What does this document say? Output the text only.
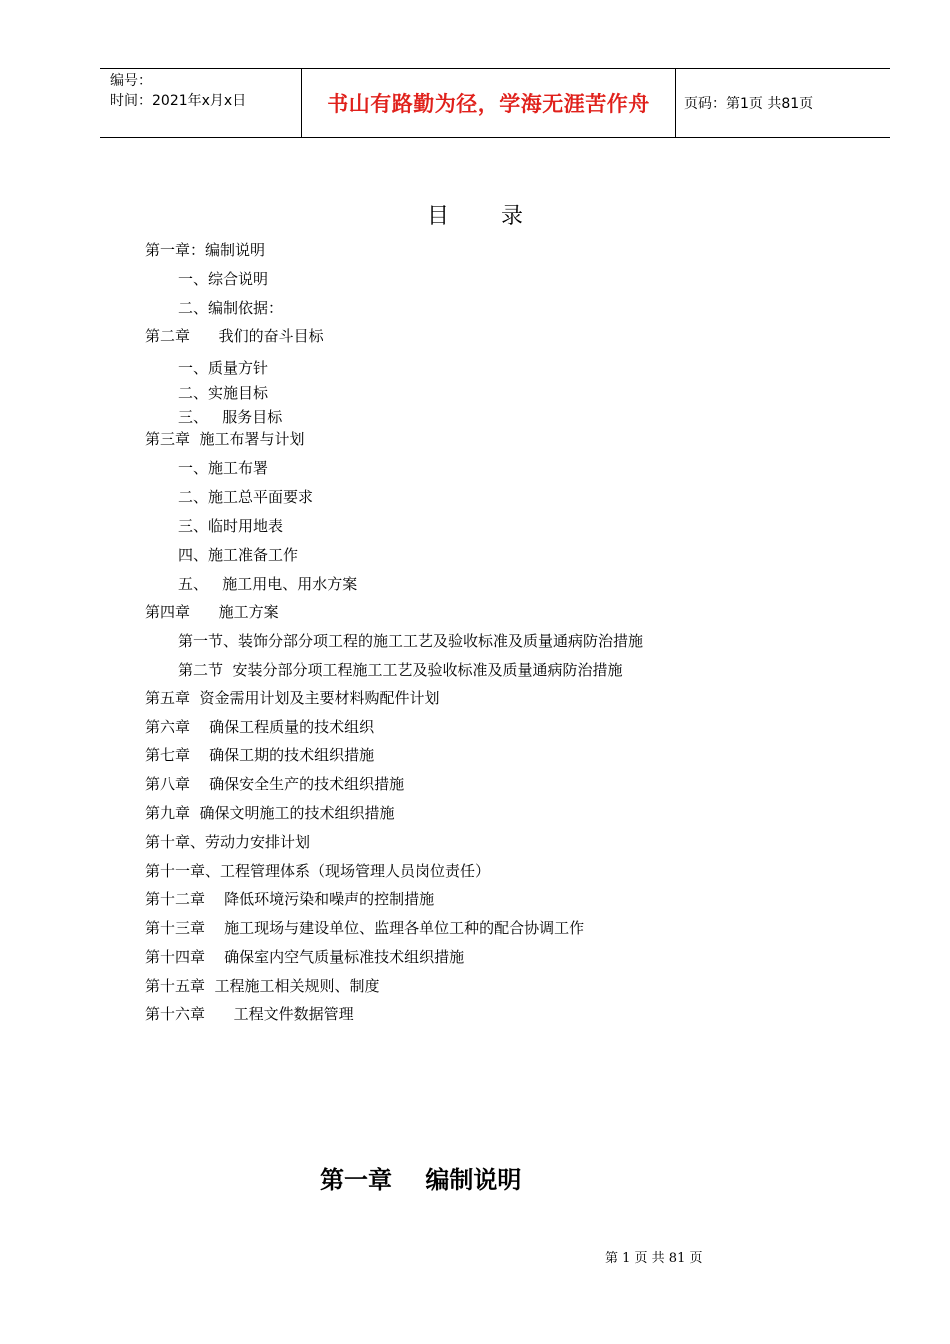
编号：
时间：2021年x月x日	书山有路勤为径，学海无涯苦作舟 页码：第1页 共81页
目 录
第一章：编制说明
一、综合说明
二、编制依据：
第二章      我们的奋斗目标
一、质量方针
二、实施目标
三、   服务目标
第三章  施工布署与计划
一、施工布署
二、施工总平面要求
三、临时用地表
四、施工准备工作
五、   施工用电、用水方案
第四章      施工方案
第一节、装饰分部分项工程的施工工艺及验收标准及质量通病防治措施
第二节  安装分部分项工程施工工艺及验收标准及质量通病防治措施
第五章  资金需用计划及主要材料购配件计划
第六章    确保工程质量的技术组织
第七章    确保工期的技术组织措施
第八章    确保安全生产的技术组织措施
第九章  确保文明施工的技术组织措施
第十章、劳动力安排计划
第十一章、工程管理体系（现场管理人员岗位责任）
第十二章    降低环境污染和噪声的控制措施
第十三章    施工现场与建设单位、监理各单位工种的配合协调工作
第十四章    确保室内空气质量标准技术组织措施
第十五章  工程施工相关规则、制度
第十六章      工程文件数据管理
第一章    编制说明
第 1 页 共 81 页
